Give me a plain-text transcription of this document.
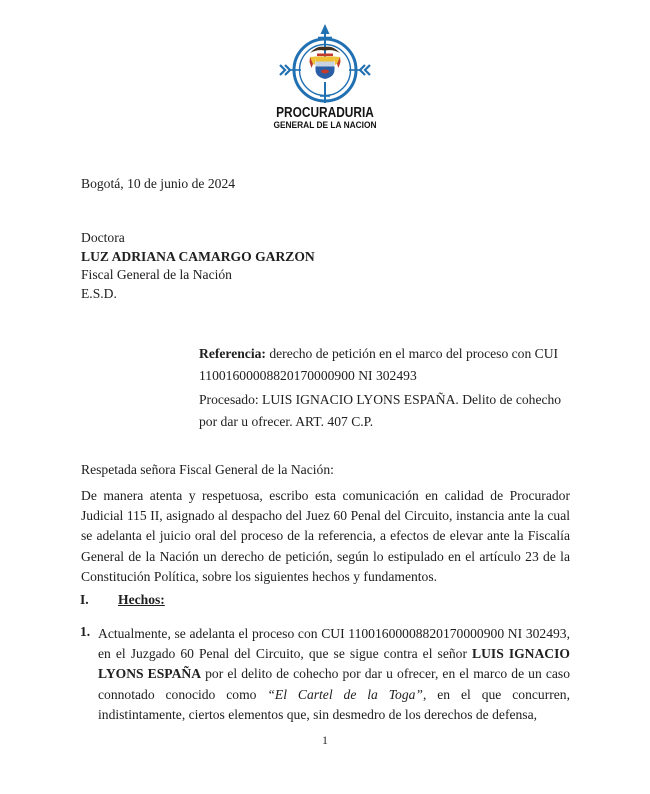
PROCURADURIA
GENERAL DE LA NACION

Bogotá, 10 de junio de 2024

Doctora

LUZ ADRIANA CAMARGO GARZON

Fiscal General de la Nación

E.S.D.

Referencia: derecho de petición en el marco del proceso con CUI 11001600008820170000900 NI 302493

Procesado: LUIS IGNACIO LYONS ESPAÑA. Delito de cohecho por dar u ofrecer. ART. 407 C.P.

Respetada señora Fiscal General de la Nación:

De manera atenta y respetuosa, escribo esta comunicación en calidad de Procurador Judicial 115 II, asignado al despacho del Juez 60 Penal del Circuito, instancia ante la cual se adelanta el juicio oral del proceso de la referencia, a efectos de elevar ante la Fiscalía General de la Nación un derecho de petición, según lo estipulado en el artículo 23 de la Constitución Política, sobre los siguientes hechos y fundamentos.

I. Hechos:
1. Actualmente, se adelanta el proceso con CUI 11001600008820170000900 NI 302493, en el Juzgado 60 Penal del Circuito, que se sigue contra el señor LUIS IGNACIO LYONS ESPAÑA por el delito de cohecho por dar u ofrecer, en el marco de un caso connotado conocido como “El Cartel de la Toga”, en el que concurren, indistintamente, ciertos elementos que, sin desmedro de los derechos de defensa,

1
